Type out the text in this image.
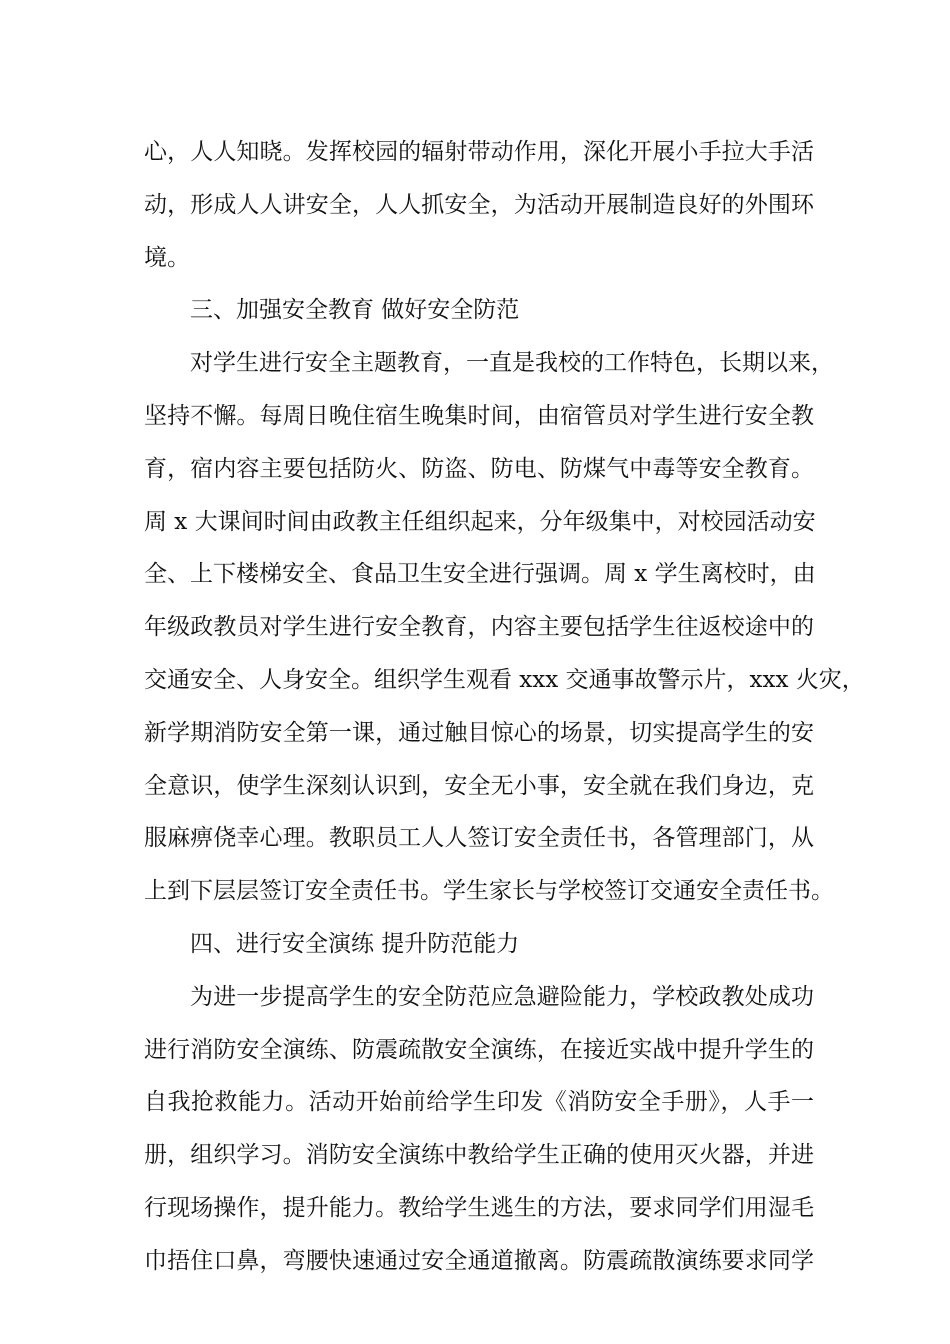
心，人人知晓。发挥校园的辐射带动作用，深化开展小手拉大手活
动，形成人人讲安全，人人抓安全，为活动开展制造良好的外围环
境。
三、加强安全教育 做好安全防范
对学生进行安全主题教育，一直是我校的工作特色，长期以来，
坚持不懈。每周日晚住宿生晚集时间，由宿管员对学生进行安全教
育，宿内容主要包括防火、防盗、防电、防煤气中毒等安全教育。
周 x 大课间时间由政教主任组织起来，分年级集中，对校园活动安
全、上下楼梯安全、食品卫生安全进行强调。周 x 学生离校时，由
年级政教员对学生进行安全教育，内容主要包括学生往返校途中的
交通安全、人身安全。组织学生观看 xxx 交通事故警示片，xxx 火灾，
新学期消防安全第一课，通过触目惊心的场景，切实提高学生的安
全意识，使学生深刻认识到，安全无小事，安全就在我们身边，克
服麻痹侥幸心理。教职员工人人签订安全责任书，各管理部门，从
上到下层层签订安全责任书。学生家长与学校签订交通安全责任书。
四、进行安全演练 提升防范能力
为进一步提高学生的安全防范应急避险能力，学校政教处成功
进行消防安全演练、防震疏散安全演练，在接近实战中提升学生的
自我抢救能力。活动开始前给学生印发《消防安全手册》，人手一
册，组织学习。消防安全演练中教给学生正确的使用灭火器，并进
行现场操作，提升能力。教给学生逃生的方法，要求同学们用湿毛
巾捂住口鼻，弯腰快速通过安全通道撤离。防震疏散演练要求同学
